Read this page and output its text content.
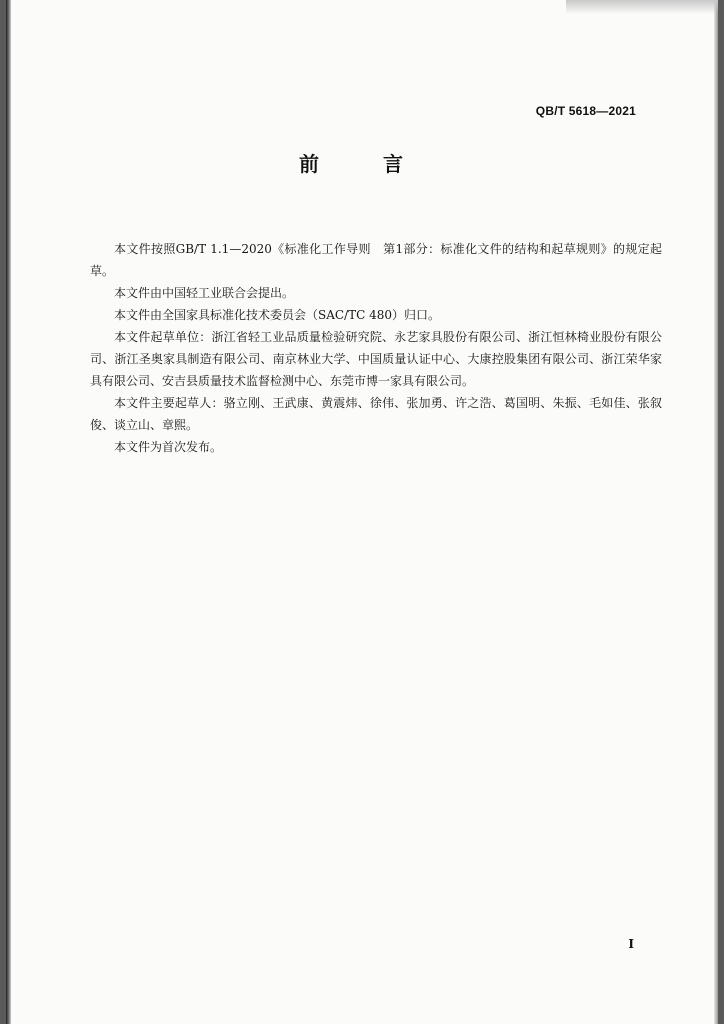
QB/T 5618—2021
前　言

本文件按照GB/T 1.1—2020《标准化工作导则　第1部分：标准化文件的结构和起草规则》的规定起草。

本文件由中国轻工业联合会提出。

本文件由全国家具标准化技术委员会（SAC/TC 480）归口。

本文件起草单位：浙江省轻工业品质量检验研究院、永艺家具股份有限公司、浙江恒林椅业股份有限公司、浙江圣奥家具制造有限公司、南京林业大学、中国质量认证中心、大康控股集团有限公司、浙江荣华家具有限公司、安吉县质量技术监督检测中心、东莞市博一家具有限公司。

本文件主要起草人：骆立刚、王武康、黄震炜、徐伟、张加勇、许之浩、葛国明、朱振、毛如佳、张叙俊、谈立山、章熙。

本文件为首次发布。

I
